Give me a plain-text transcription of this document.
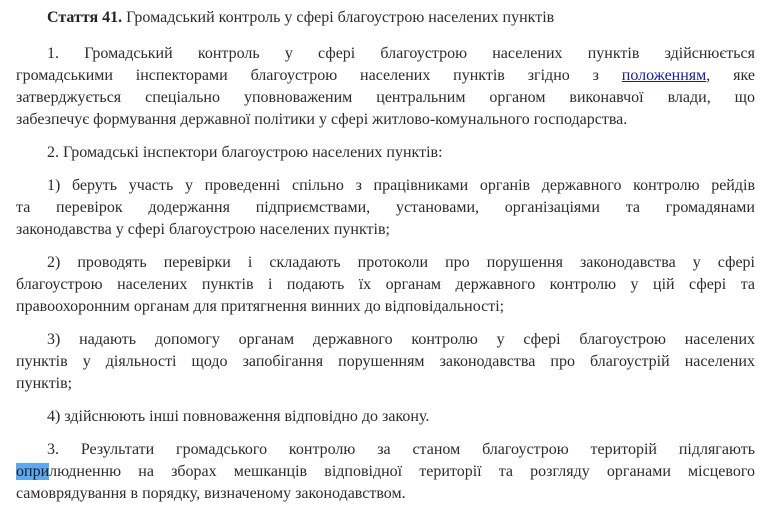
Стаття 41. Громадський контроль у сфері благоустрою населених пунктів
1. Громадський контроль у сфері благоустрою населених пунктів здійснюється
громадськими інспекторами благоустрою населених пунктів згідно з положенням, яке
затверджується спеціально уповноваженим центральним органом виконавчої влади, що
забезпечує формування державної політики у сфері житлово-комунального господарства.
2. Громадські інспектори благоустрою населених пунктів:
1) беруть участь у проведенні спільно з працівниками органів державного контролю рейдів
та перевірок додержання підприємствами, установами, організаціями та громадянами
законодавства у сфері благоустрою населених пунктів;
2) проводять перевірки і складають протоколи про порушення законодавства у сфері
благоустрою населених пунктів і подають їх органам державного контролю у цій сфері та
правоохоронним органам для притягнення винних до відповідальності;
3) надають допомогу органам державного контролю у сфері благоустрою населених
пунктів у діяльності щодо запобігання порушенням законодавства про благоустрій населених
пунктів;
4) здійснюють інші повноваження відповідно до закону.
3. Результати громадського контролю за станом благоустрою територій підлягають
оприлюдненню на зборах мешканців відповідної території та розгляду органами місцевого
самоврядування в порядку, визначеному законодавством.
